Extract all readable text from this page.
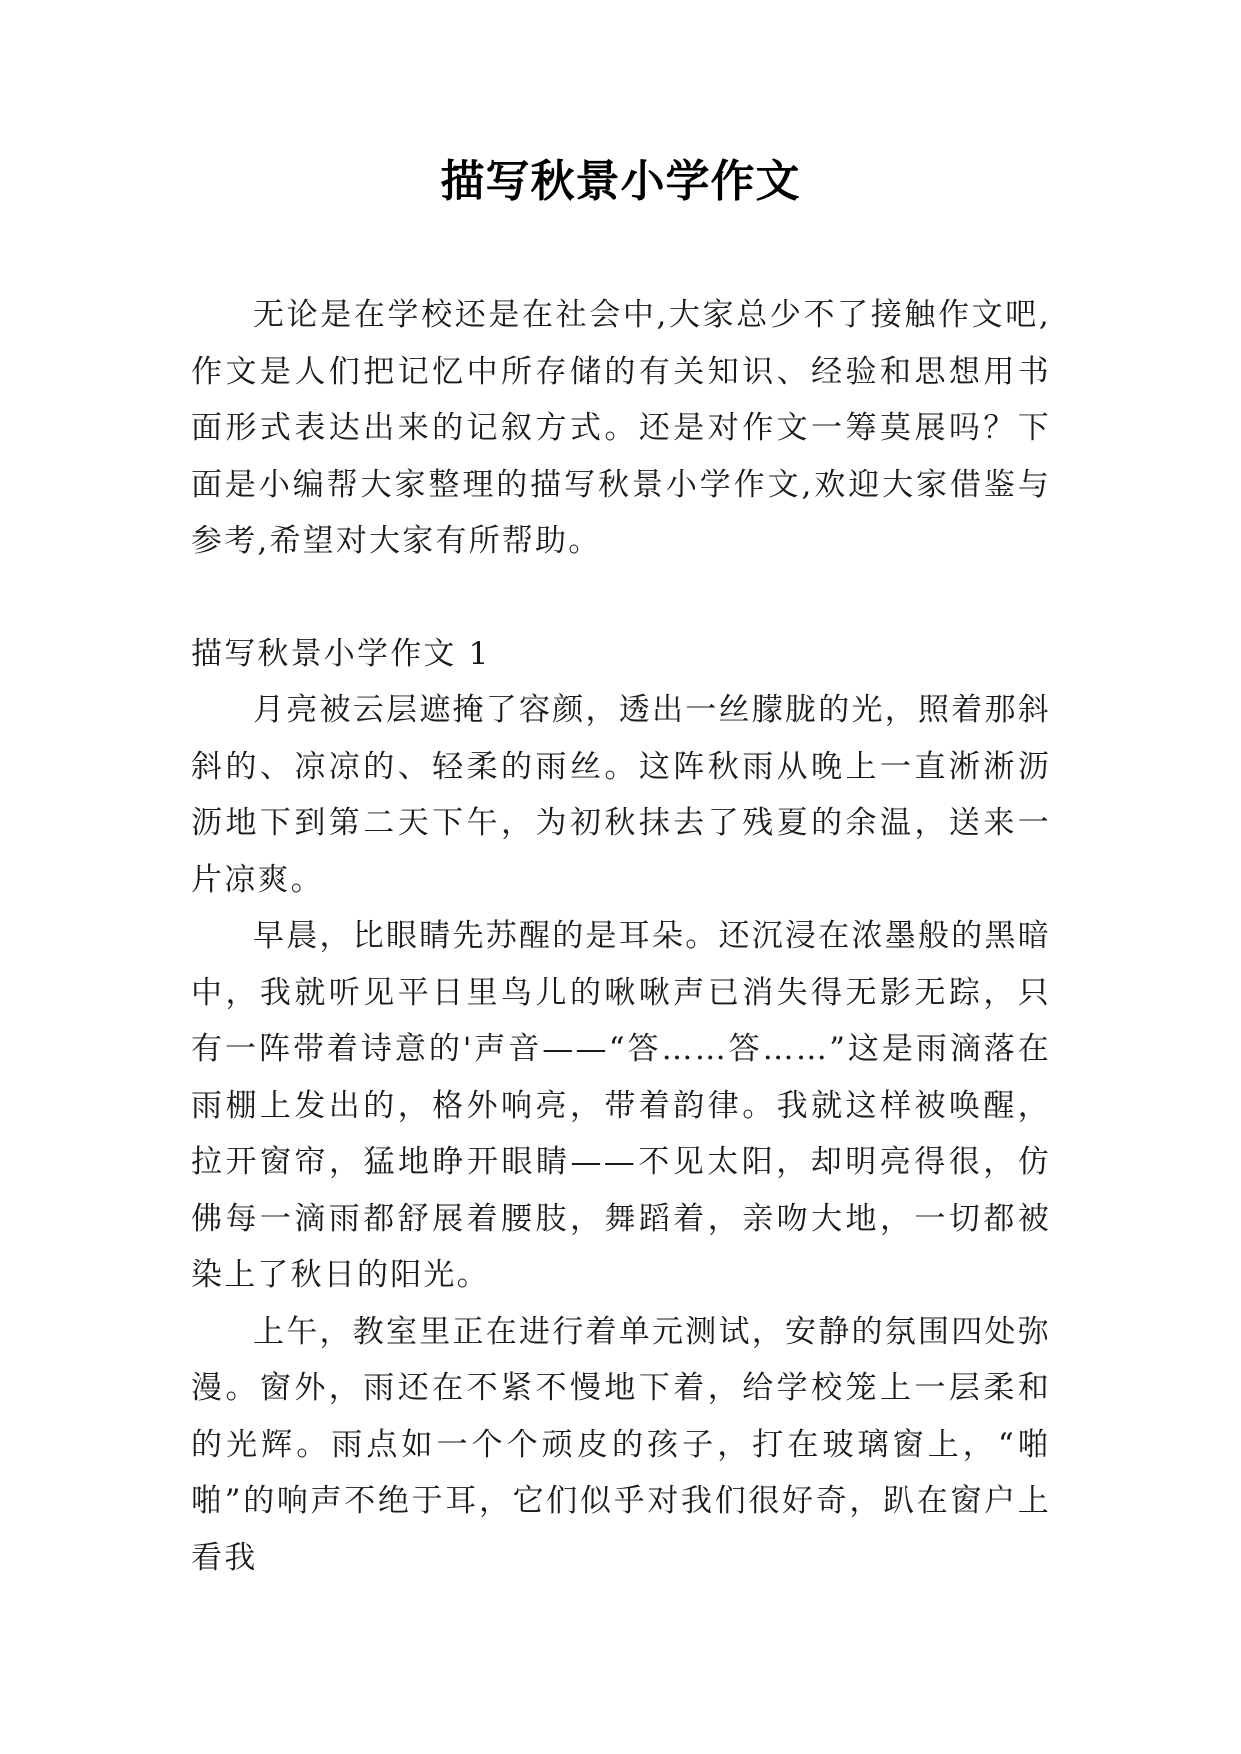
描写秋景小学作文

无论是在学校还是在社会中,大家总少不了接触作文吧,作文是人们把记忆中所存储的有关知识、经验和思想用书面形式表达出来的记叙方式。还是对作文一筹莫展吗？下面是小编帮大家整理的描写秋景小学作文,欢迎大家借鉴与参考,希望对大家有所帮助。

描写秋景小学作文 1

月亮被云层遮掩了容颜，透出一丝朦胧的光，照着那斜斜的、凉凉的、轻柔的雨丝。这阵秋雨从晚上一直淅淅沥沥地下到第二天下午，为初秋抹去了残夏的余温，送来一片凉爽。

早晨，比眼睛先苏醒的是耳朵。还沉浸在浓墨般的黑暗中，我就听见平日里鸟儿的啾啾声已消失得无影无踪，只有一阵带着诗意的'声音——“答……答……”这是雨滴落在雨棚上发出的，格外响亮，带着韵律。我就这样被唤醒，拉开窗帘，猛地睁开眼睛——不见太阳，却明亮得很，仿佛每一滴雨都舒展着腰肢，舞蹈着，亲吻大地，一切都被染上了秋日的阳光。

上午，教室里正在进行着单元测试，安静的氛围四处弥漫。窗外，雨还在不紧不慢地下着，给学校笼上一层柔和的光辉。雨点如一个个顽皮的孩子，打在玻璃窗上，“啪啪”的响声不绝于耳，它们似乎对我们很好奇，趴在窗户上看我
